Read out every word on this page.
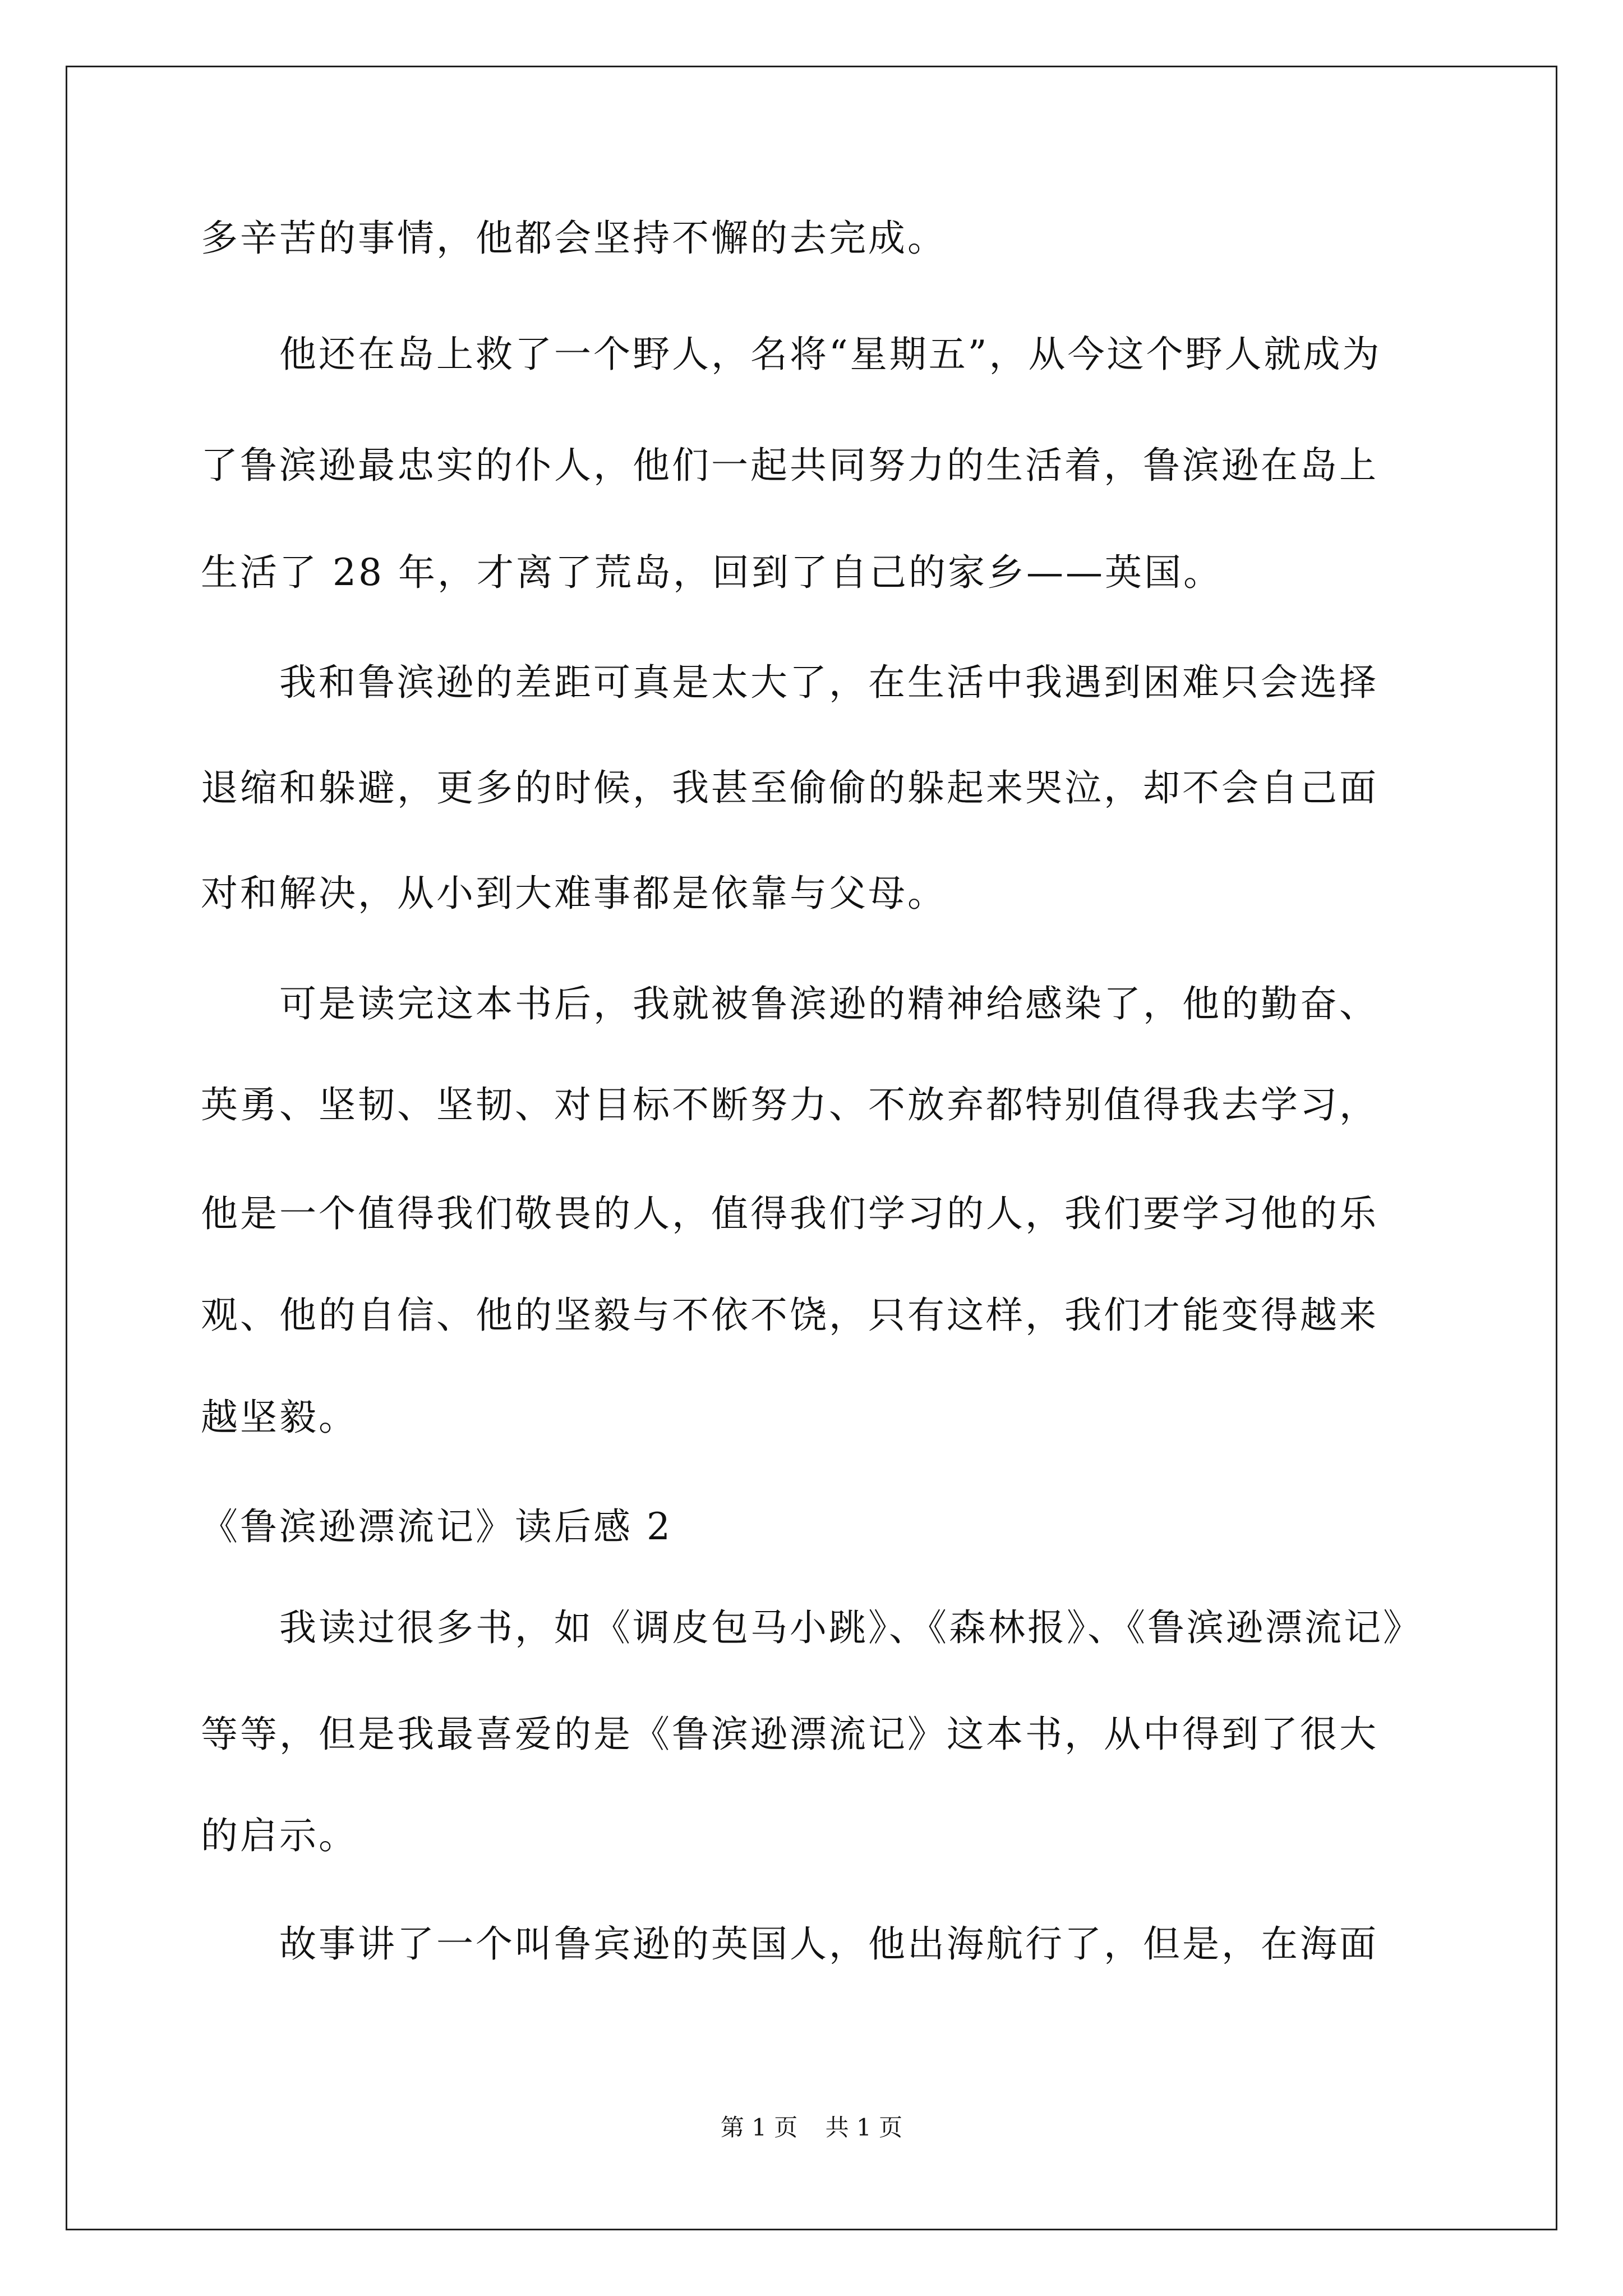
多辛苦的事情，他都会坚持不懈的去完成。
　　他还在岛上救了一个野人，名将“星期五”，从今这个野人就成为
了鲁滨逊最忠实的仆人，他们一起共同努力的生活着，鲁滨逊在岛上
生活了 28 年，才离了荒岛，回到了自己的家乡——英国。
　　我和鲁滨逊的差距可真是太大了，在生活中我遇到困难只会选择
退缩和躲避，更多的时候，我甚至偷偷的躲起来哭泣，却不会自己面
对和解决，从小到大难事都是依靠与父母。
　　可是读完这本书后，我就被鲁滨逊的精神给感染了，他的勤奋、
英勇、坚韧、坚韧、对目标不断努力、不放弃都特别值得我去学习，
他是一个值得我们敬畏的人，值得我们学习的人，我们要学习他的乐
观、他的自信、他的坚毅与不依不饶，只有这样，我们才能变得越来
越坚毅。
《鲁滨逊漂流记》读后感 2
　　我读过很多书，如《调皮包马小跳》、《森林报》、《鲁滨逊漂流记》
等等，但是我最喜爱的是《鲁滨逊漂流记》这本书，从中得到了很大
的启示。
　　故事讲了一个叫鲁宾逊的英国人，他出海航行了，但是，在海面
第 1 页 共 1 页
